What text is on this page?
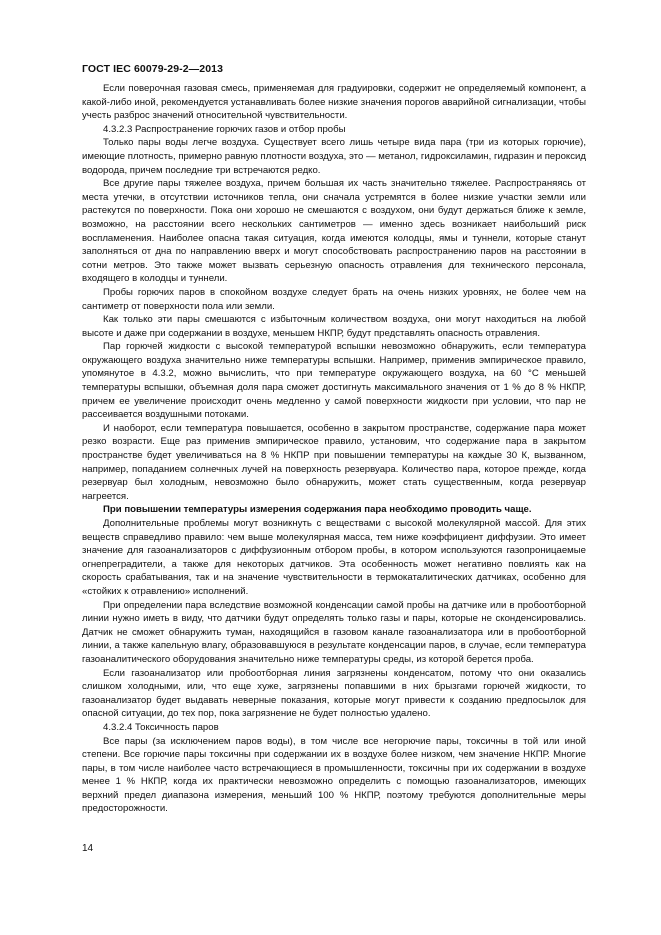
ГОСТ IEC 60079-29-2—2013

Если поверочная газовая смесь, применяемая для градуировки, содержит не определяемый компонент, а какой-либо иной, рекомендуется устанавливать более низкие значения порогов аварийной сигнализации, чтобы учесть разброс значений относительной чувствительности.

4.3.2.3 Распространение горючих газов и отбор пробы

Только пары воды легче воздуха. Существует всего лишь четыре вида пара (три из которых горючие), имеющие плотность, примерно равную плотности воздуха, это — метанол, гидроксиламин, гидразин и пероксид водорода, причем последние три встречаются редко.

Все другие пары тяжелее воздуха, причем большая их часть значительно тяжелее. Распространяясь от места утечки, в отсутствии источников тепла, они сначала устремятся в более низкие участки земли или растекутся по поверхности. Пока они хорошо не смешаются с воздухом, они будут держаться ближе к земле, возможно, на расстоянии всего нескольких сантиметров — именно здесь возникает наибольший риск воспламенения. Наиболее опасна такая ситуация, когда имеются колодцы, ямы и туннели, которые станут заполняться от дна по направлению вверх и могут способствовать распространению паров на расстоянии в сотни метров. Это также может вызвать серьезную опасность отравления для технического персонала, входящего в колодцы и туннели.

Пробы горючих паров в спокойном воздухе следует брать на очень низких уровнях, не более чем на сантиметр от поверхности пола или земли.

Как только эти пары смешаются с избыточным количеством воздуха, они могут находиться на любой высоте и даже при содержании в воздухе, меньшем НКПР, будут представлять опасность отравления.

Пар горючей жидкости с высокой температурой вспышки невозможно обнаружить, если температура окружающего воздуха значительно ниже температуры вспышки. Например, применив эмпирическое правило, упомянутое в 4.3.2, можно вычислить, что при температуре окружающего воздуха, на 60 °С меньшей температуры вспышки, объемная доля пара сможет достигнуть максимального значения от 1 % до 8 % НКПР, причем ее увеличение происходит очень медленно у самой поверхности жидкости при условии, что пар не рассеивается воздушными потоками.

И наоборот, если температура повышается, особенно в закрытом пространстве, содержание пара может резко возрасти. Еще раз применив эмпирическое правило, установим, что содержание пара в закрытом пространстве будет увеличиваться на 8 % НКПР при повышении температуры на каждые 30 К, вызванном, например, попаданием солнечных лучей на поверхность резервуара. Количество пара, которое прежде, когда резервуар был холодным, невозможно было обнаружить, может стать существенным, когда резервуар нагреется.

При повышении температуры измерения содержания пара необходимо проводить чаще.

Дополнительные проблемы могут возникнуть с веществами с высокой молекулярной массой. Для этих веществ справедливо правило: чем выше молекулярная масса, тем ниже коэффициент диффузии. Это имеет значение для газоанализаторов с диффузионным отбором пробы, в котором используются газопроницаемые огнепреградители, а также для некоторых датчиков. Эта особенность может негативно повлиять как на скорость срабатывания, так и на значение чувствительности в термокаталитических датчиках, особенно для «стойких к отравлению» исполнений.

При определении пара вследствие возможной конденсации самой пробы на датчике или в пробоотборной линии нужно иметь в виду, что датчики будут определять только газы и пары, которые не сконденсировались. Датчик не сможет обнаружить туман, находящийся в газовом канале газоанализатора или в пробоотборной линии, а также капельную влагу, образовавшуюся в результате конденсации паров, в случае, если температура газоаналитического оборудования значительно ниже температуры среды, из которой берется проба.

Если газоанализатор или пробоотборная линия загрязнены конденсатом, потому что они оказались слишком холодными, или, что еще хуже, загрязнены попавшими в них брызгами горючей жидкости, то газоанализатор будет выдавать неверные показания, которые могут привести к созданию предпосылок для опасной ситуации, до тех пор, пока загрязнение не будет полностью удалено.

4.3.2.4 Токсичность паров

Все пары (за исключением паров воды), в том числе все негорючие пары, токсичны в той или иной степени. Все горючие пары токсичны при содержании их в воздухе более низком, чем значение НКПР. Многие пары, в том числе наиболее часто встречающиеся в промышленности, токсичны при их содержании в воздухе менее 1 % НКПР, когда их практически невозможно определить с помощью газоанализаторов, имеющих верхний предел диапазона измерения, меньший 100 % НКПР, поэтому требуются дополнительные меры предосторожности.

14
